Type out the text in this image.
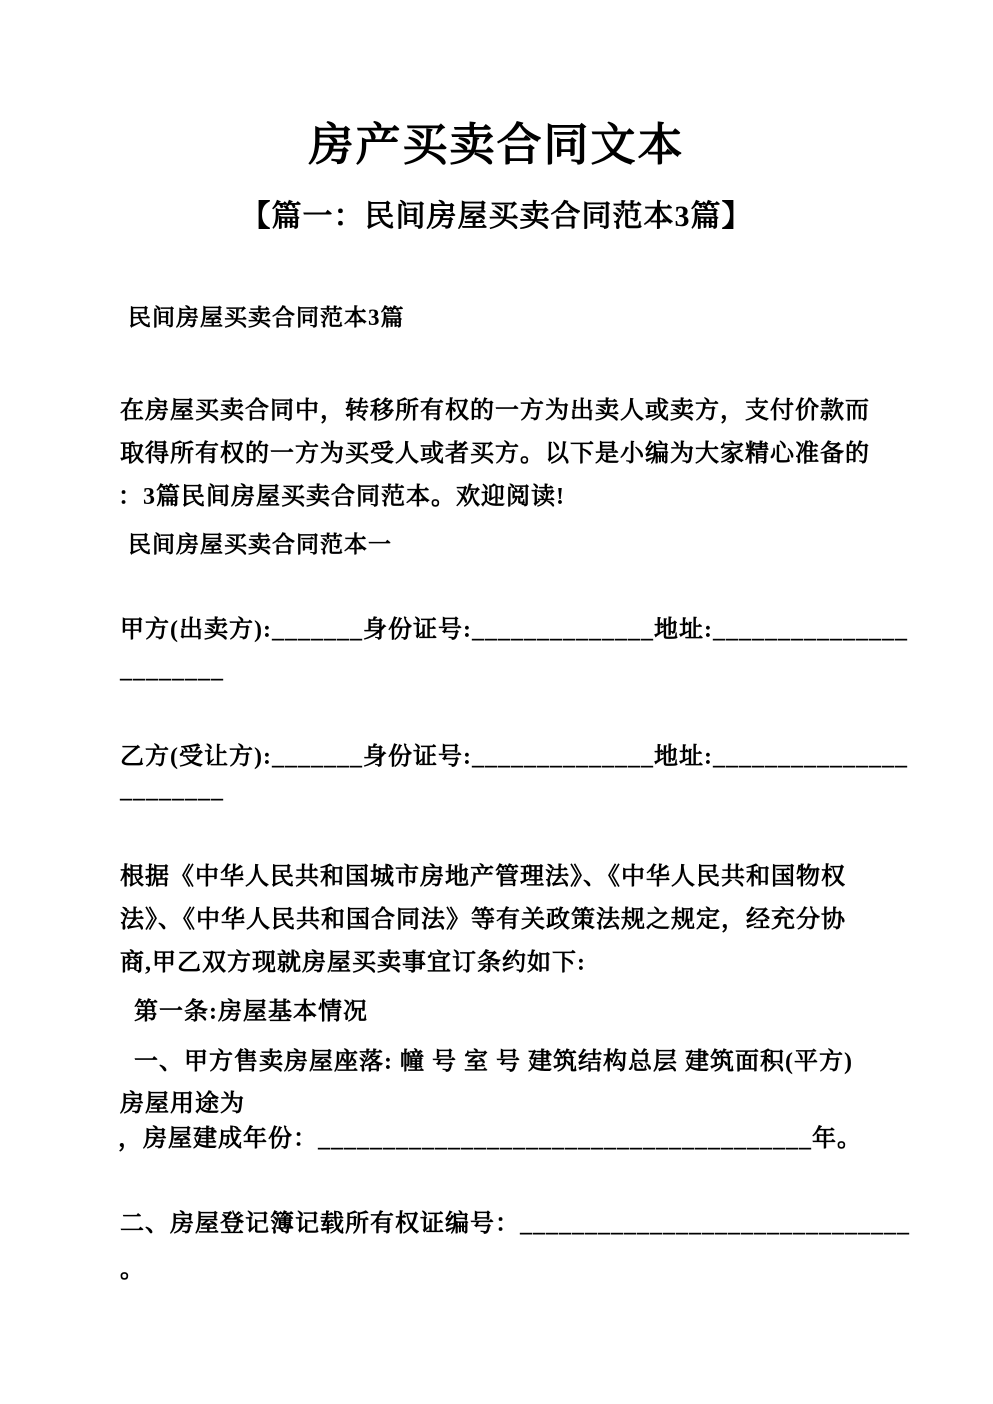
房产买卖合同文本
【篇一：民间房屋买卖合同范本3篇】
民间房屋买卖合同范本3篇
在房屋买卖合同中，转移所有权的一方为出卖人或卖方，支付价款而
取得所有权的一方为买受人或者买方。以下是小编为大家精心准备的
：3篇民间房屋买卖合同范本。欢迎阅读!
民间房屋买卖合同范本一
甲方(出卖方):_______身份证号:______________地址:_______________
________
乙方(受让方):_______身份证号:______________地址:_______________
________
根据《中华人民共和国城市房地产管理法》、《中华人民共和国物权
法》、《中华人民共和国合同法》等有关政策法规之规定，经充分协
商,甲乙双方现就房屋买卖事宜订条约如下:
第一条:房屋基本情况
一、甲方售卖房屋座落: 幢 号 室 号 建筑结构总层 建筑面积(平方)
房屋用途为
，房屋建成年份：______________________________________年。
二、房屋登记簿记载所有权证编号：______________________________
。
